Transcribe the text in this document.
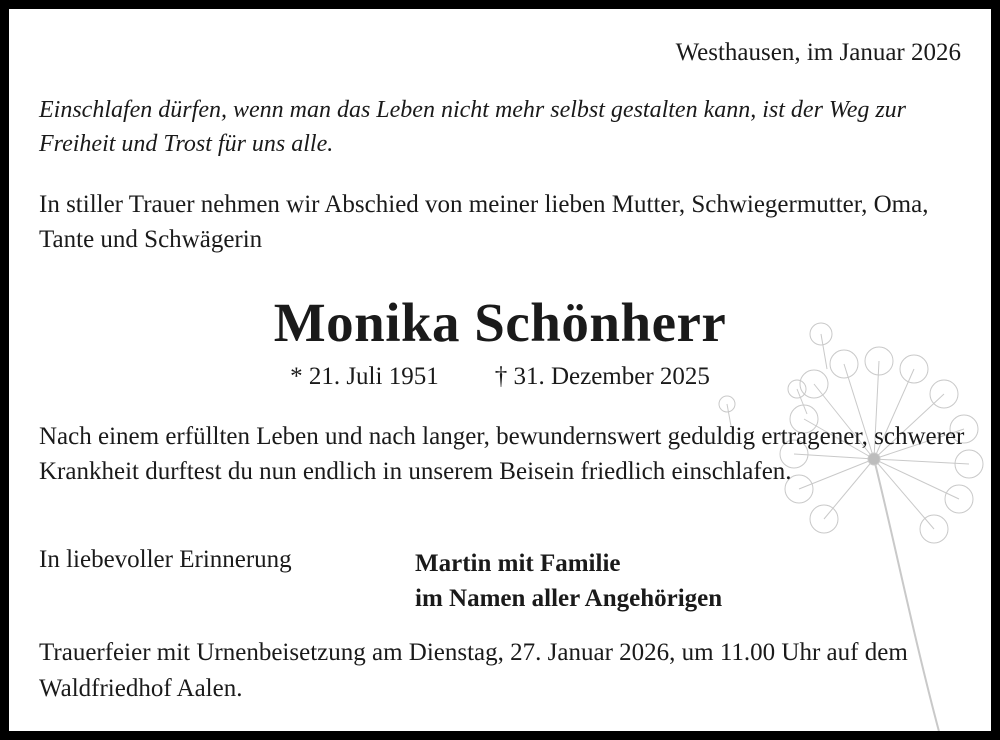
Westhausen, im Januar 2026

Einschlafen dürfen, wenn man das Leben nicht mehr selbst gestalten kann, ist der Weg zur Freiheit und Trost für uns alle.

In stiller Trauer nehmen wir Abschied von meiner lieben Mutter, Schwiegermutter, Oma, Tante und Schwägerin

Monika Schönherr

* 21. Juli 1951 † 31. Dezember 2025

Nach einem erfüllten Leben und nach langer, bewundernswert geduldig ertragener, schwerer Krankheit durftest du nun endlich in unserem Beisein friedlich einschlafen.

In liebevoller Erinnerung	Martin mit Familie
im Namen aller Angehörigen

Trauerfeier mit Urnenbeisetzung am Dienstag, 27. Januar 2026, um 11.00 Uhr auf dem Waldfriedhof Aalen.
